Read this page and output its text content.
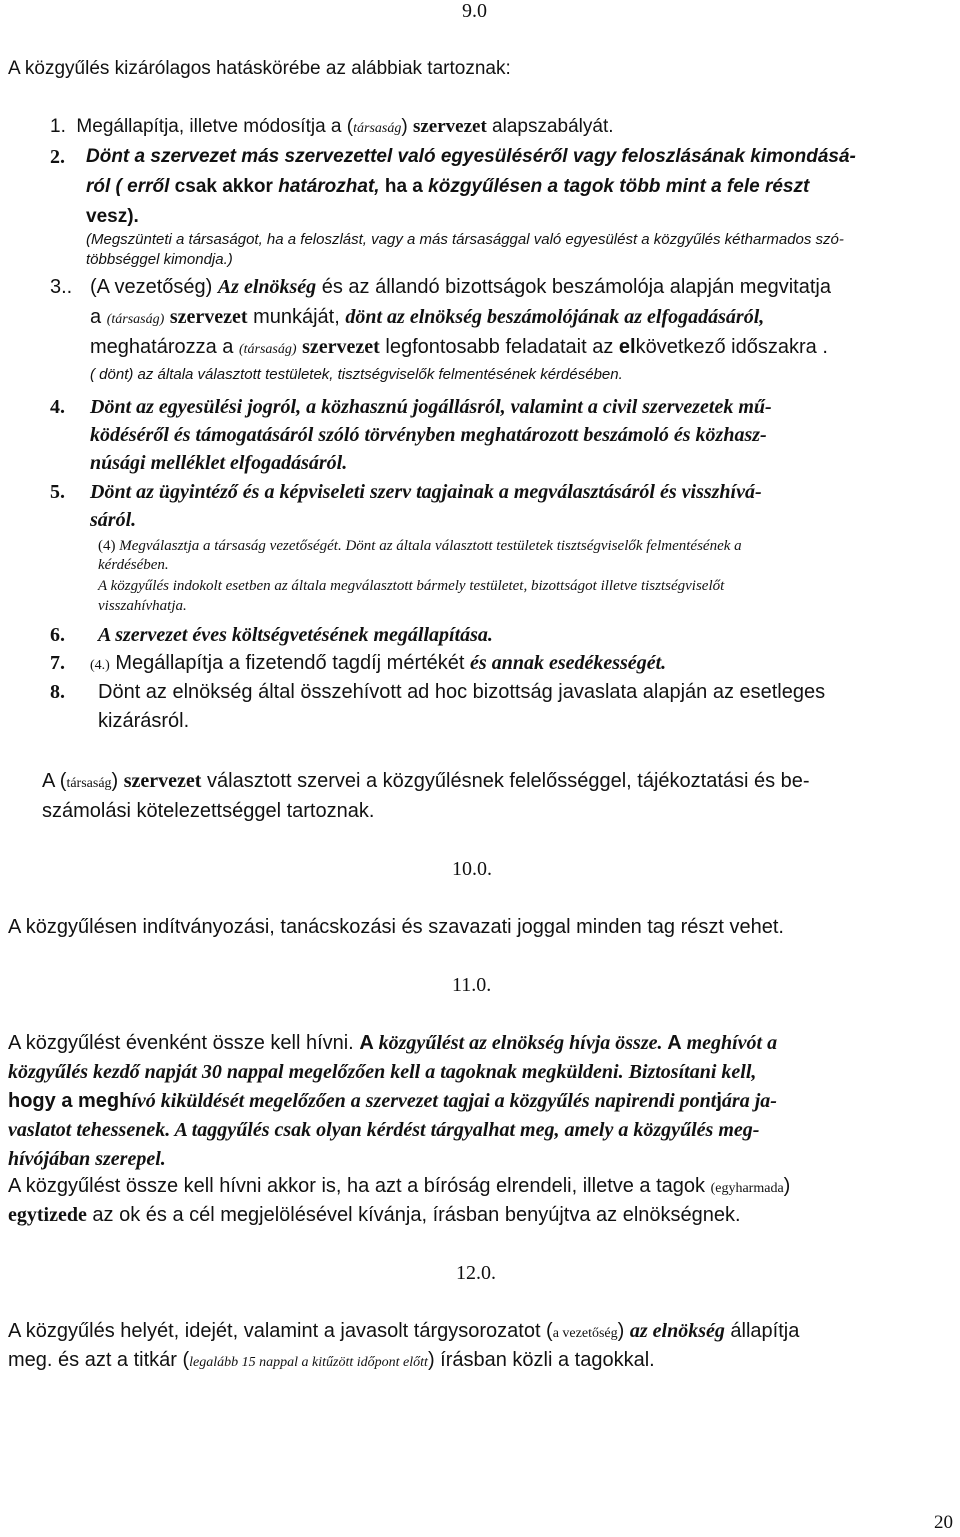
9.0
A közgyűlés kizárólagos hatáskörébe az alábbiak tartoznak:
1. Megállapítja, illetve módosítja a (társaság) szervezet alapszabályát.
2. Dönt a szervezet más szervezettel való egyesüléséről vagy feloszlásának kimondásá-
ról ( erről csak akkor határozhat, ha a közgyűlésen a tagok több mint a fele részt
vesz).
(Megszünteti a társaságot, ha a feloszlást, vagy a más társasággal való egyesülést a közgyűlés kétharmados szó-
többséggel kimondja.)
3.. (A vezetőség) Az elnökség és az állandó bizottságok beszámolója alapján megvitatja
a (társaság) szervezet munkáját, dönt az elnökség beszámolójának az elfogadásáról,
meghatározza a (társaság) szervezet legfontosabb feladatait az elkövetkező időszakra .
( dönt) az általa választott testületek, tisztségviselők felmentésének kérdésében.
4. Dönt az egyesülési jogról, a közhasznú jogállásról, valamint a civil szervezetek mű-
ködéséről és támogatásáról szóló törvényben meghatározott beszámoló és közhasz-
núsági melléklet elfogadásáról.
5. Dönt az ügyintéző és a képviseleti szerv tagjainak a megválasztásáról és visszhívá-
sáról.
(4) Megválasztja a társaság vezetőségét. Dönt az általa választott testületek tisztségviselők felmentésének a
kérdésében.
A közgyűlés indokolt esetben az általa megválasztott bármely testületet, bizottságot illetve tisztségviselőt
visszahívhatja.
6. A szervezet éves költségvetésének megállapítása.
7. (4.) Megállapítja a fizetendő tagdíj mértékét és annak esedékességét.
8. Dönt az elnökség által összehívott ad hoc bizottság javaslata alapján az esetleges
kizárásról.
A (társaság) szervezet választott szervei a közgyűlésnek felelősséggel, tájékoztatási és be-
számolási kötelezettséggel tartoznak.
10.0.
A közgyűlésen indítványozási, tanácskozási és szavazati joggal minden tag részt vehet.
11.0.
A közgyűlést évenként össze kell hívni. A közgyűlést az elnökség hívja össze. A meghívót a
közgyűlés kezdő napját 30 nappal megelőzően kell a tagoknak megküldeni. Biztosítani kell,
hogy a meghívó kiküldését megelőzően a szervezet tagjai a közgyűlés napirendi pontjára ja-
vaslatot tehessenek. A taggyűlés csak olyan kérdést tárgyalhat meg, amely a közgyűlés meg-
hívójában szerepel.
A közgyűlést össze kell hívni akkor is, ha azt a bíróság elrendeli, illetve a tagok (egyharmada)
egytizede az ok és a cél megjelölésével kívánja, írásban benyújtva az elnökségnek.
12.0.
A közgyűlés helyét, idejét, valamint a javasolt tárgysorozatot (a vezetőség) az elnökség állapítja
meg. és azt a titkár (legalább 15 nappal a kitűzött időpont előtt) írásban közli a tagokkal.
20
